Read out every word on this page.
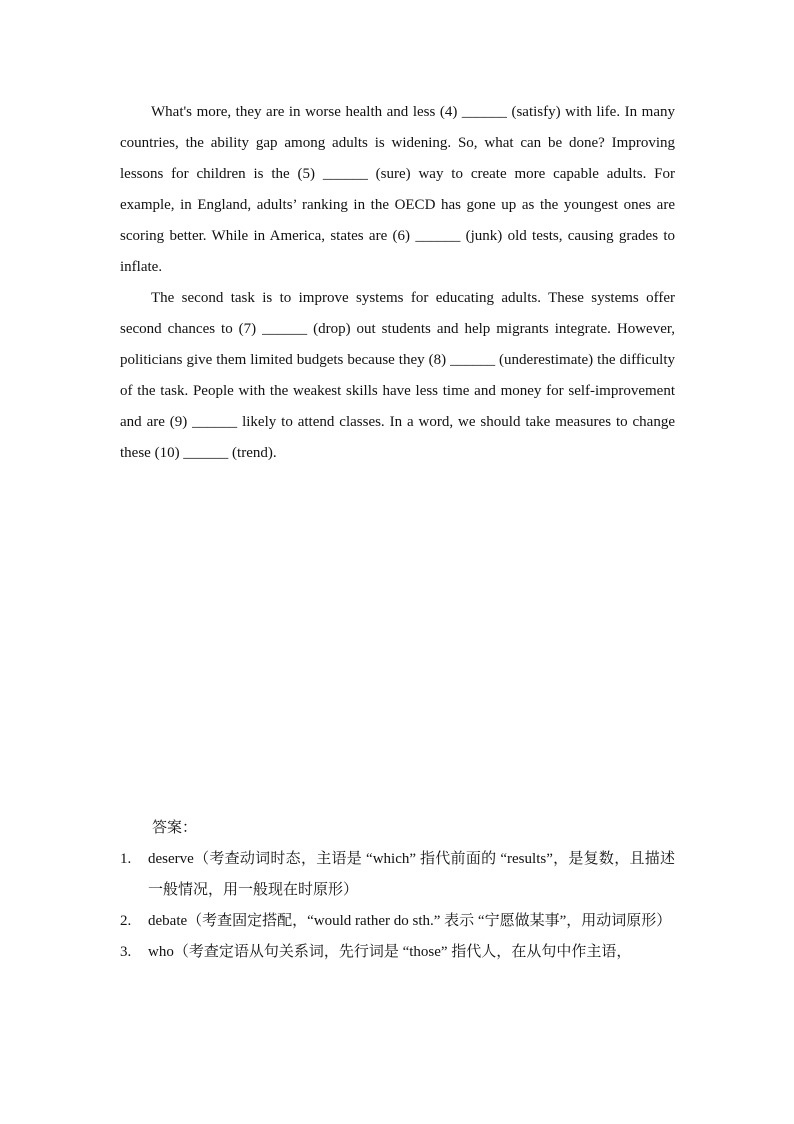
What's more, they are in worse health and less (4) ______ (satisfy) with life. In many countries, the ability gap among adults is widening. So, what can be done? Improving lessons for children is the (5) ______ (sure) way to create more capable adults. For example, in England, adults’ ranking in the OECD has gone up as the youngest ones are scoring better. While in America, states are (6) ______ (junk) old tests, causing grades to inflate.

The second task is to improve systems for educating adults. These systems offer second chances to (7) ______ (drop) out students and help migrants integrate. However, politicians give them limited budgets because they (8) ______ (underestimate) the difficulty of the task. People with the weakest skills have less time and money for self-improvement and are (9) ______ likely to attend classes. In a word, we should take measures to change these (10) ______ (trend).

答案：

1.	deserve（考查动词时态，主语是 “which” 指代前面的 “results”，是复数，且描述一般情况，用一般现在时原形）
2.	debate（考查固定搭配，“would rather do sth.” 表示 “宁愿做某事”，用动词原形）
3.	who（考查定语从句关系词，先行词是 “those” 指代人，在从句中作主语，
